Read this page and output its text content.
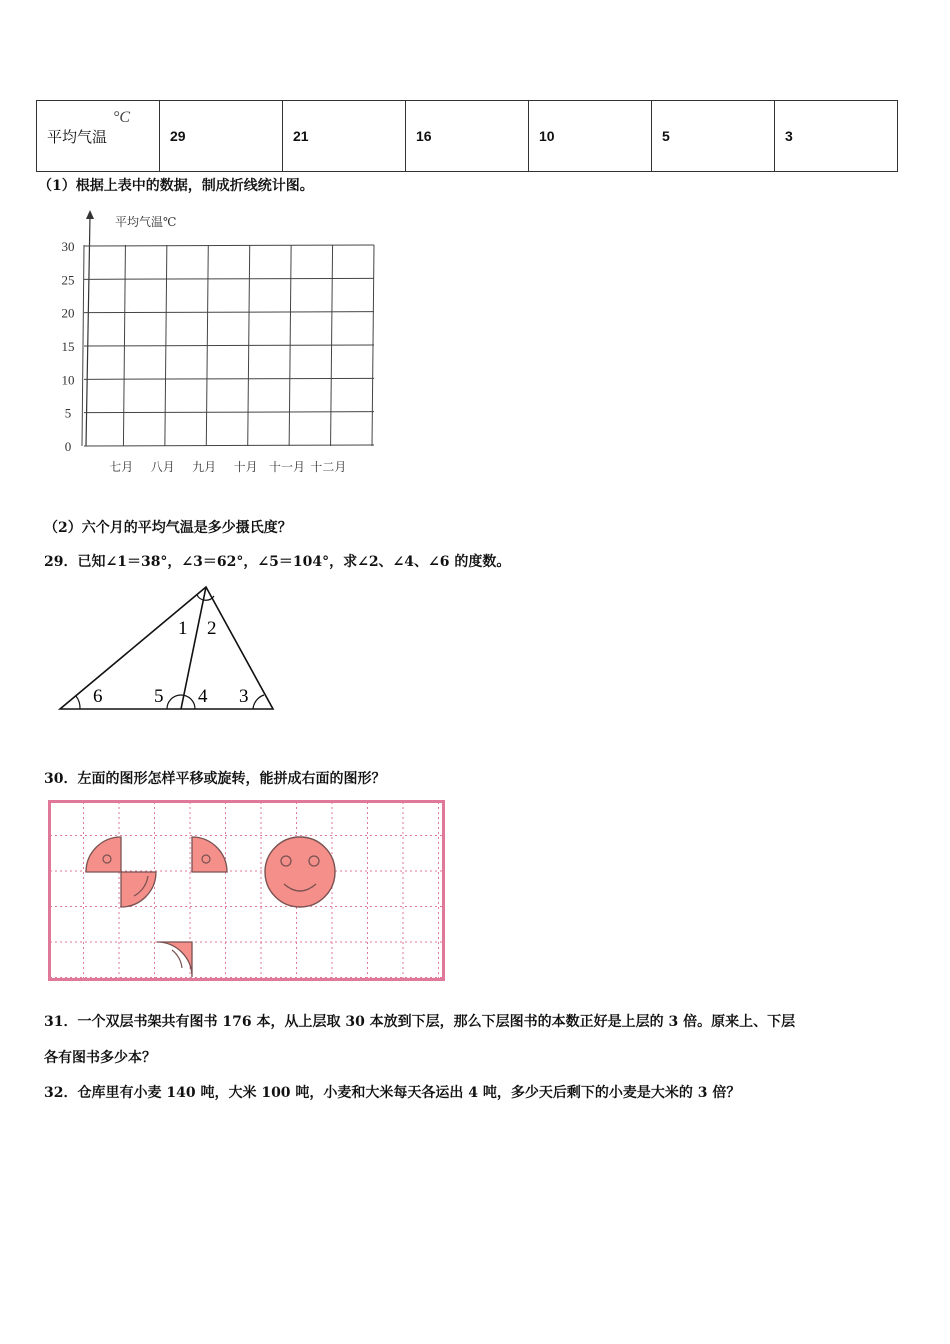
平均气温
°C
	29	21	16	10	5	3
（1）根据上表中的数据，制成折线统计图。
平均气温℃
0
5
10
15
20
25
30
七月 八月 九月 十月 十一月 十二月
（2）六个月的平均气温是多少摄氏度？
29．已知∠1＝38°，∠3＝62°，∠5＝104°，求∠2、∠4、∠6 的度数。
1 2
3
4
5
6
30．左面的图形怎样平移或旋转，能拼成右面的图形？
31．一个双层书架共有图书 176 本，从上层取 30 本放到下层，那么下层图书的本数正好是上层的 3 倍。原来上、下层
各有图书多少本？
32．仓库里有小麦 140 吨，大米 100 吨，小麦和大米每天各运出 4 吨，多少天后剩下的小麦是大米的 3 倍？
